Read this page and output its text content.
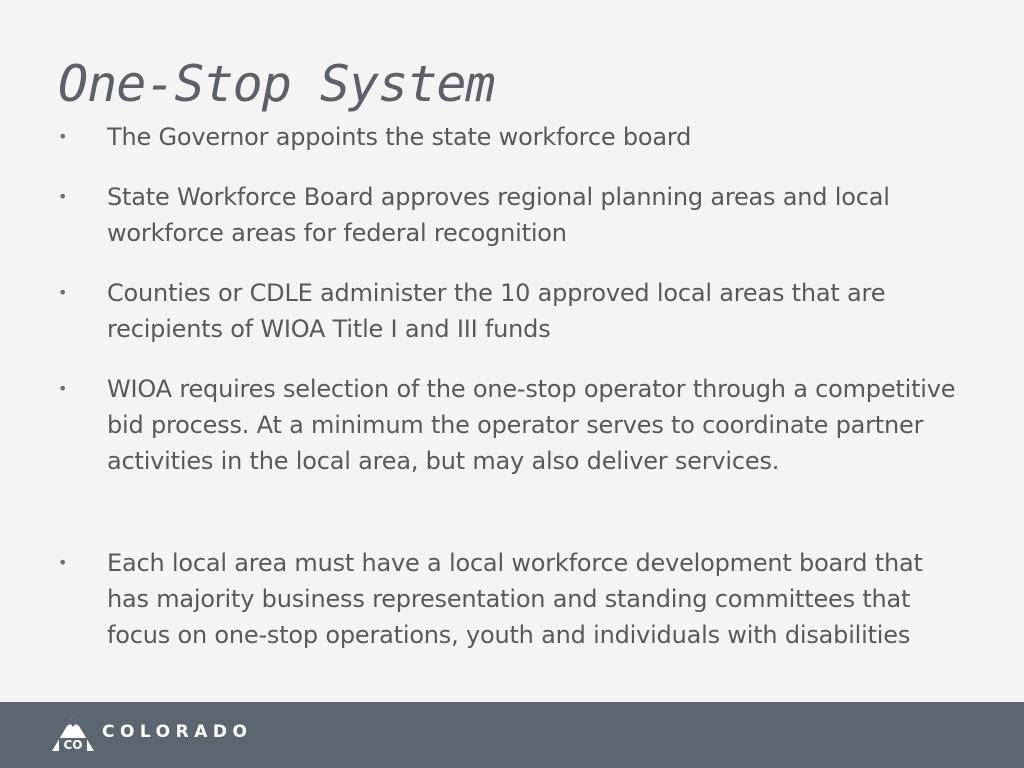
One-Stop System
• The Governor appoints the state workforce board
• State Workforce Board approves regional planning areas and local workforce areas for federal recognition
• Counties or CDLE administer the 10 approved local areas that are recipients of WIOA Title I and III funds
• WIOA requires selection of the one-stop operator through a competitive bid process. At a minimum the operator serves to coordinate partner activities in the local area, but may also deliver services.
• Each local area must have a local workforce development board that has majority business representation and standing committees that focus on one-stop operations, youth and individuals with disabilities
CO
COLORADO
